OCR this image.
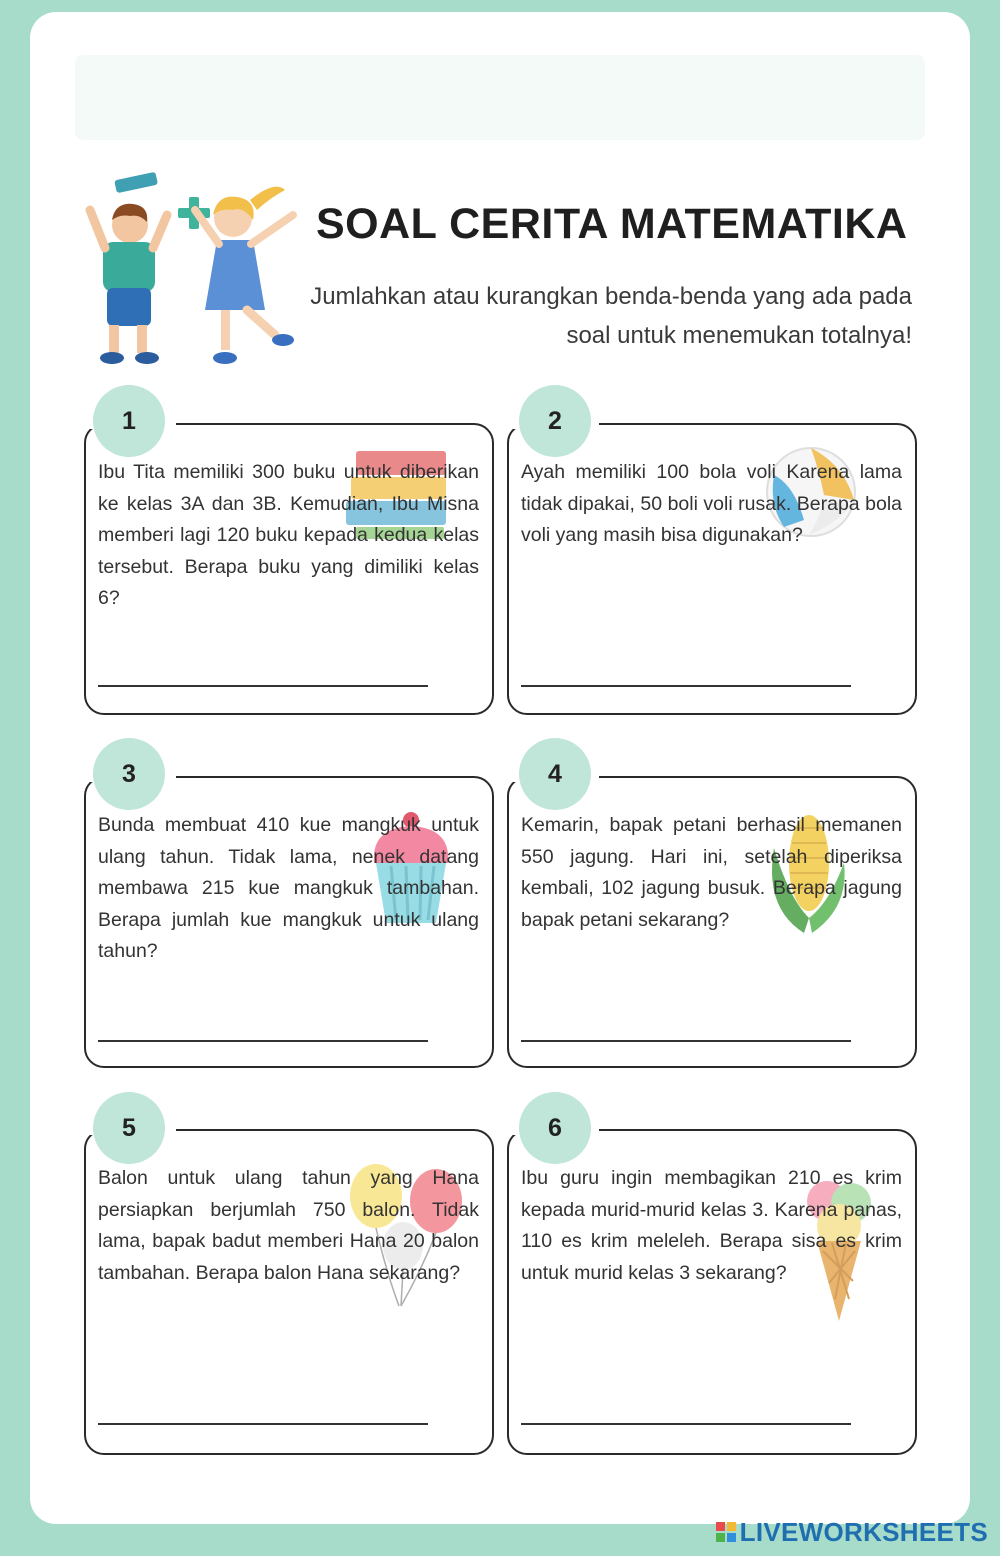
SOAL CERITA MATEMATIKA
Jumlahkan atau kurangkan benda-benda yang ada pada soal untuk menemukan totalnya!
Ibu Tita memiliki 300 buku untuk diberikan ke kelas 3A dan 3B. Kemudian, Ibu Misna memberi lagi 120 buku kepada kedua kelas tersebut. Berapa buku yang dimiliki kelas 6?
1
Ayah memiliki 100 bola voli Karena lama tidak dipakai, 50 boli voli rusak. Berapa bola voli yang masih bisa digunakan?
2
Bunda membuat 410 kue mangkuk untuk ulang tahun. Tidak lama, nenek datang membawa 215 kue mangkuk tambahan. Berapa jumlah kue mangkuk untuk ulang tahun?
3
Kemarin, bapak petani berhasil memanen 550 jagung. Hari ini, setelah diperiksa kembali, 102 jagung busuk. Berapa jagung bapak petani sekarang?
4
Balon untuk ulang tahun yang Hana persiapkan berjumlah 750 balon. Tidak lama, bapak badut memberi Hana 20 balon tambahan. Berapa balon Hana sekarang?
5
Ibu guru ingin membagikan 210 es krim kepada murid-murid kelas 3. Karena panas, 110 es krim meleleh. Berapa sisa es krim untuk murid kelas 3 sekarang?
6
LIVEWORKSHEETS
